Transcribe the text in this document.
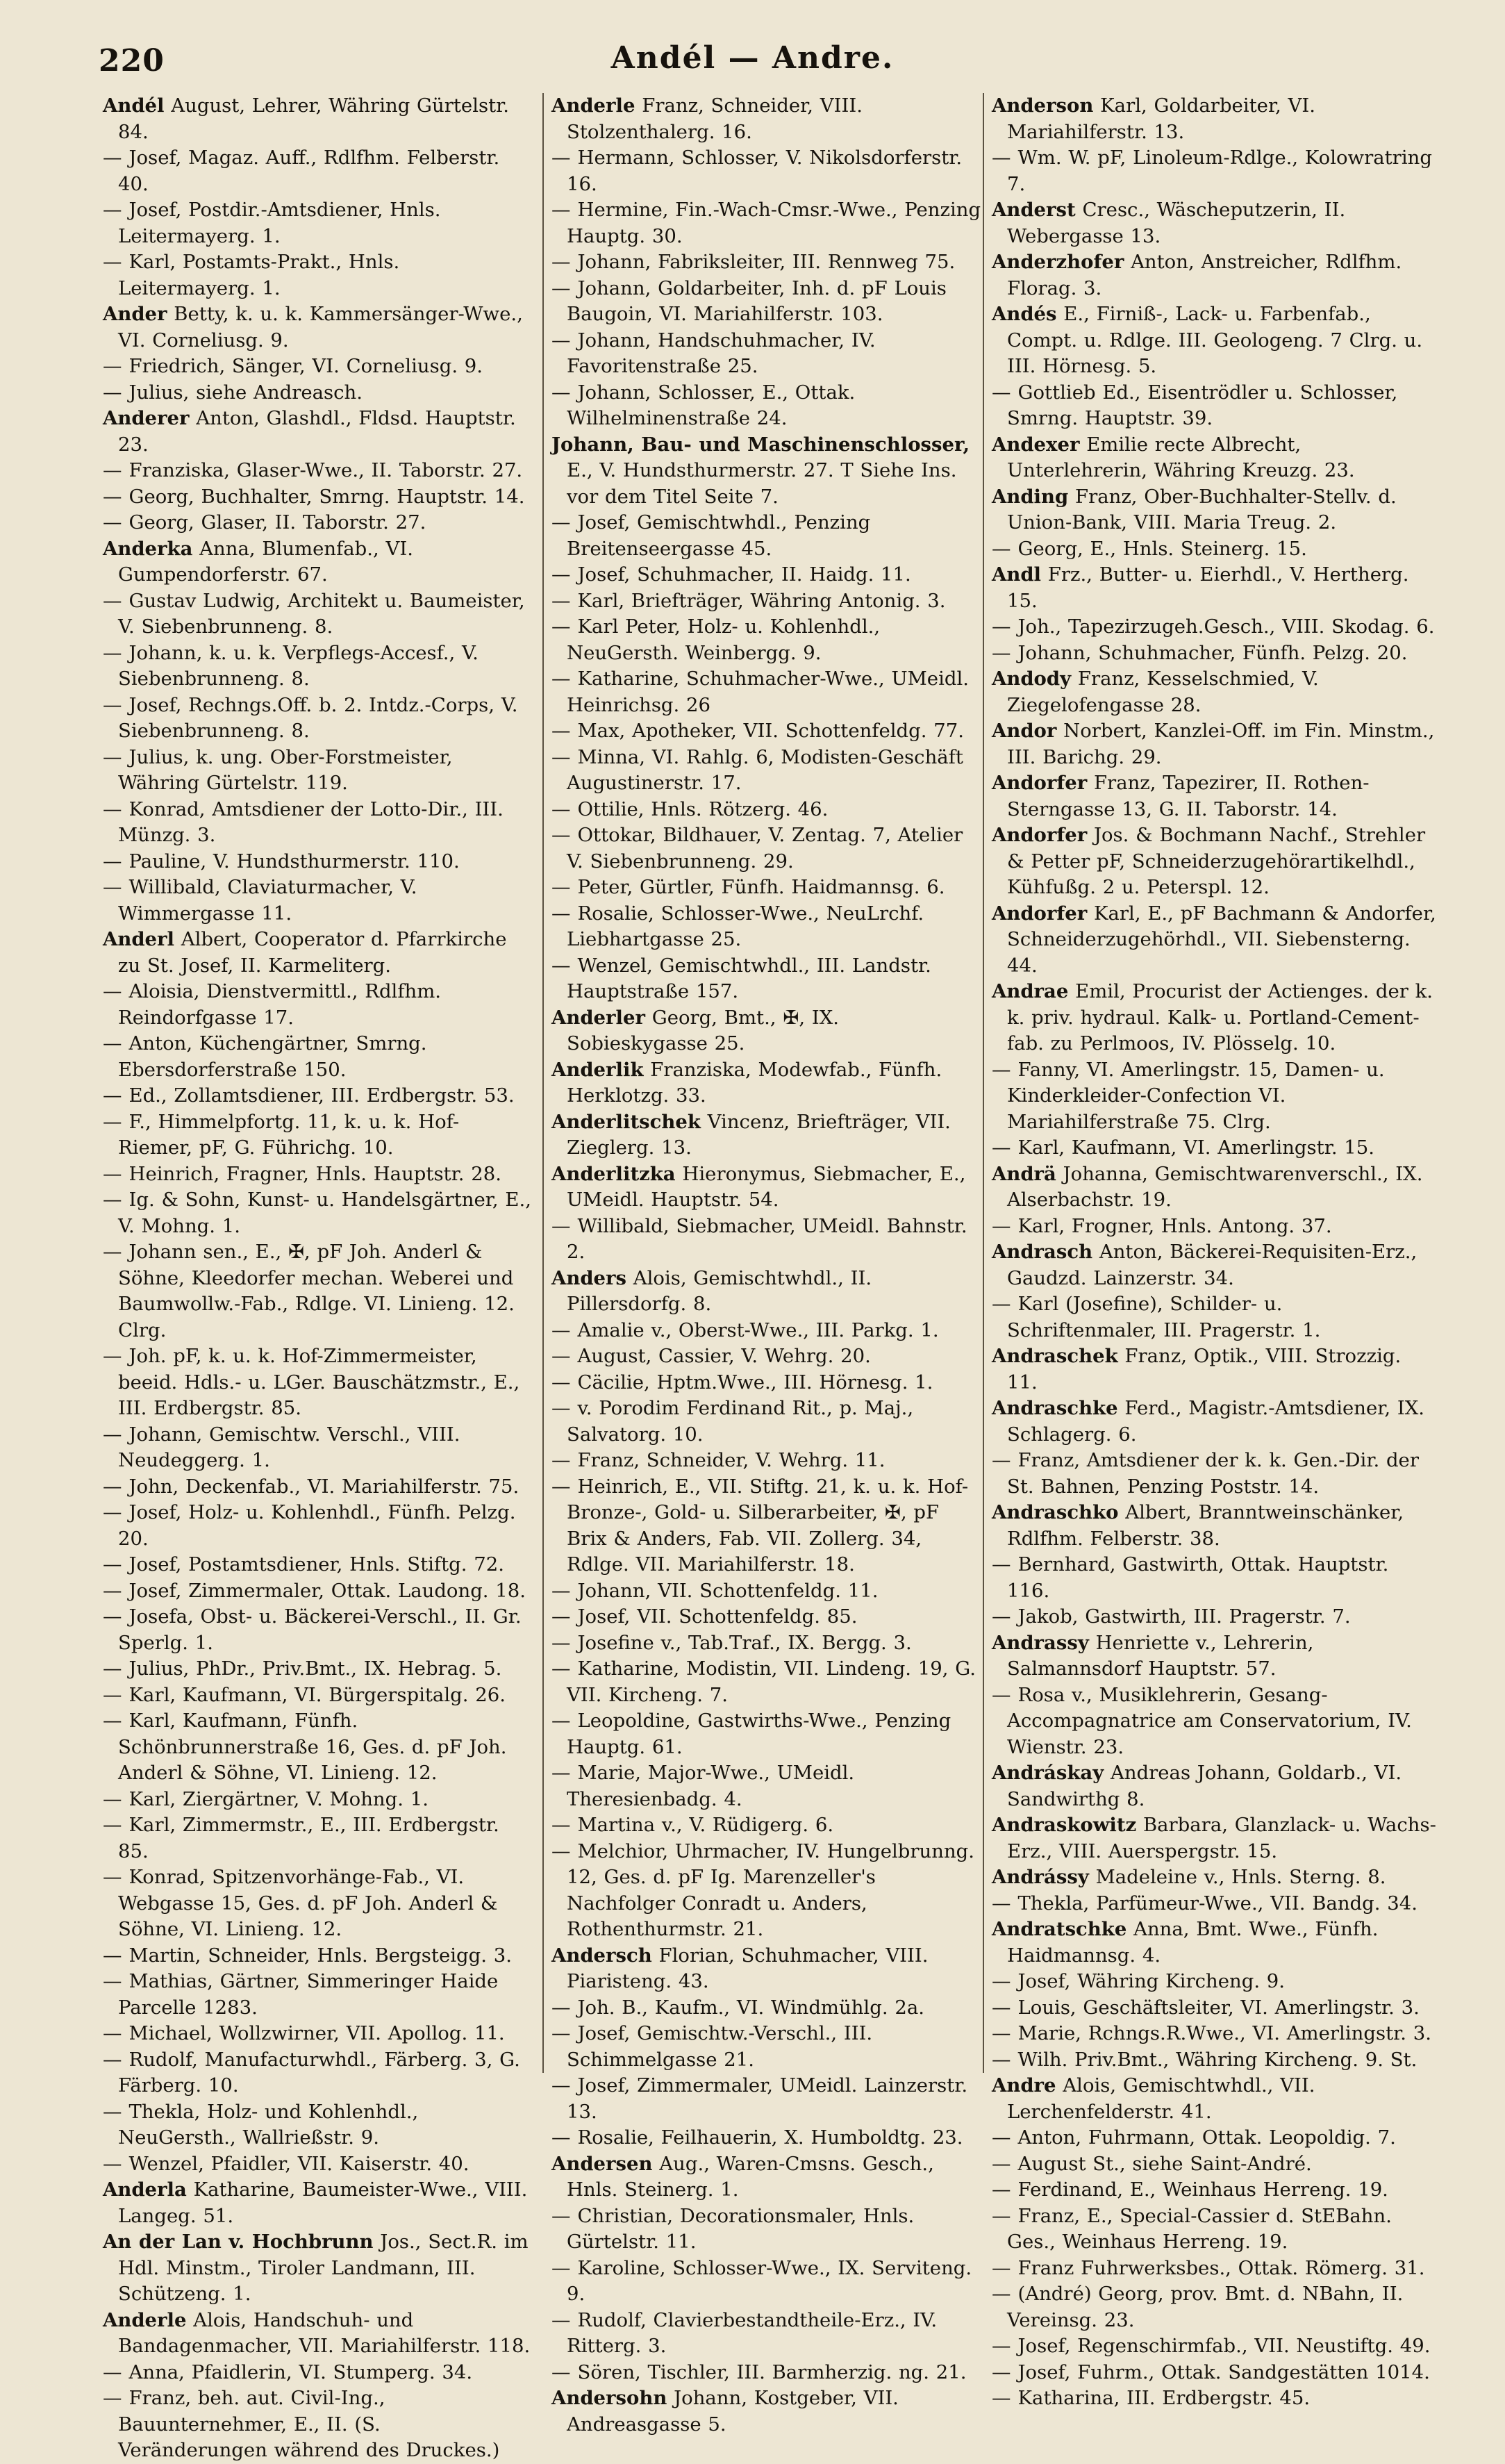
220	Andél — Andre.
Andél August, Lehrer, Währing Gürtelstr. 84.
— Josef, Magaz. Auff., Rdlfhm. Felberstr. 40.
— Josef, Postdir.-Amtsdiener, Hnls. Leitermayerg. 1.
— Karl, Postamts-Prakt., Hnls. Leitermayerg. 1.
Ander Betty, k. u. k. Kammersänger-Wwe., VI. Corneliusg. 9.
— Friedrich, Sänger, VI. Corneliusg. 9.
— Julius, siehe Andreasch.
Anderer Anton, Glashdl., Fldsd. Hauptstr. 23.
— Franziska, Glaser-Wwe., II. Taborstr. 27.
— Georg, Buchhalter, Smrng. Hauptstr. 14.
— Georg, Glaser, II. Taborstr. 27.
Anderka Anna, Blumenfab., VI. Gumpendorferstr. 67.
— Gustav Ludwig, Architekt u. Baumeister, V. Siebenbrunneng. 8.
— Johann, k. u. k. Verpflegs-Accesf., V. Siebenbrunneng. 8.
— Josef, Rechngs.Off. b. 2. Intdz.-Corps, V. Siebenbrunneng. 8.
— Julius, k. ung. Ober-Forstmeister, Währing Gürtelstr. 119.
— Konrad, Amtsdiener der Lotto-Dir., III. Münzg. 3.
— Pauline, V. Hundsthurmerstr. 110.
— Willibald, Claviaturmacher, V. Wimmergasse 11.
Anderl Albert, Cooperator d. Pfarrkirche zu St. Josef, II. Karmeliterg.
— Aloisia, Dienstvermittl., Rdlfhm. Reindorfgasse 17.
— Anton, Küchengärtner, Smrng. Ebersdorferstraße 150.
— Ed., Zollamtsdiener, III. Erdbergstr. 53.
— F., Himmelpfortg. 11, k. u. k. Hof-Riemer, pF, G. Führichg. 10.
— Heinrich, Fragner, Hnls. Hauptstr. 28.
— Ig. & Sohn, Kunst- u. Handelsgärtner, E., V. Mohng. 1.
— Johann sen., E., ✠, pF Joh. Anderl & Söhne, Kleedorfer mechan. Weberei und Baumwollw.-Fab., Rdlge. VI. Linieng. 12. Clrg.
— Joh. pF, k. u. k. Hof-Zimmermeister, beeid. Hdls.- u. LGer. Bauschätzmstr., E., III. Erdbergstr. 85.
— Johann, Gemischtw. Verschl., VIII. Neudeggerg. 1.
— John, Deckenfab., VI. Mariahilferstr. 75.
— Josef, Holz- u. Kohlenhdl., Fünfh. Pelzg. 20.
— Josef, Postamtsdiener, Hnls. Stiftg. 72.
— Josef, Zimmermaler, Ottak. Laudong. 18.
— Josefa, Obst- u. Bäckerei-Verschl., II. Gr. Sperlg. 1.
— Julius, PhDr., Priv.Bmt., IX. Hebrag. 5.
— Karl, Kaufmann, VI. Bürgerspitalg. 26.
— Karl, Kaufmann, Fünfh. Schönbrunnerstraße 16, Ges. d. pF Joh. Anderl & Söhne, VI. Linieng. 12.
— Karl, Ziergärtner, V. Mohng. 1.
— Karl, Zimmermstr., E., III. Erdbergstr. 85.
— Konrad, Spitzenvorhänge-Fab., VI. Webgasse 15, Ges. d. pF Joh. Anderl & Söhne, VI. Linieng. 12.
— Martin, Schneider, Hnls. Bergsteigg. 3.
— Mathias, Gärtner, Simmeringer Haide Parcelle 1283.
— Michael, Wollzwirner, VII. Apollog. 11.
— Rudolf, Manufacturwhdl., Färberg. 3, G. Färberg. 10.
— Thekla, Holz- und Kohlenhdl., NeuGersth., Wallrießstr. 9.
— Wenzel, Pfaidler, VII. Kaiserstr. 40.
Anderla Katharine, Baumeister-Wwe., VIII. Langeg. 51.
An der Lan v. Hochbrunn Jos., Sect.R. im Hdl. Minstm., Tiroler Landmann, III. Schützeng. 1.
Anderle Alois, Handschuh- und Bandagenmacher, VII. Mariahilferstr. 118.
— Anna, Pfaidlerin, VI. Stumperg. 34.
— Franz, beh. aut. Civil-Ing., Bauunternehmer, E., II. (S. Veränderungen während des Druckes.)
Anderle Franz, Schneider, VIII. Stolzenthalerg. 16.
— Hermann, Schlosser, V. Nikolsdorferstr. 16.
— Hermine, Fin.-Wach-Cmsr.-Wwe., Penzing Hauptg. 30.
— Johann, Fabriksleiter, III. Rennweg 75.
— Johann, Goldarbeiter, Inh. d. pF Louis Baugoin, VI. Mariahilferstr. 103.
— Johann, Handschuhmacher, IV. Favoritenstraße 25.
— Johann, Schlosser, E., Ottak. Wilhelminenstraße 24.
Johann, Bau- und Maschinenschlosser, E., V. Hundsthurmerstr. 27. T Siehe Ins. vor dem Titel Seite 7.
— Josef, Gemischtwhdl., Penzing Breitenseergasse 45.
— Josef, Schuhmacher, II. Haidg. 11.
— Karl, Briefträger, Währing Antonig. 3.
— Karl Peter, Holz- u. Kohlenhdl., NeuGersth. Weinbergg. 9.
— Katharine, Schuhmacher-Wwe., UMeidl. Heinrichsg. 26
— Max, Apotheker, VII. Schottenfeldg. 77.
— Minna, VI. Rahlg. 6, Modisten-Geschäft Augustinerstr. 17.
— Ottilie, Hnls. Rötzerg. 46.
— Ottokar, Bildhauer, V. Zentag. 7, Atelier V. Siebenbrunneng. 29.
— Peter, Gürtler, Fünfh. Haidmannsg. 6.
— Rosalie, Schlosser-Wwe., NeuLrchf. Liebhartgasse 25.
— Wenzel, Gemischtwhdl., III. Landstr. Hauptstraße 157.
Anderler Georg, Bmt., ✠, IX. Sobieskygasse 25.
Anderlik Franziska, Modewfab., Fünfh. Herklotzg. 33.
Anderlitschek Vincenz, Briefträger, VII. Zieglerg. 13.
Anderlitzka Hieronymus, Siebmacher, E., UMeidl. Hauptstr. 54.
— Willibald, Siebmacher, UMeidl. Bahnstr. 2.
Anders Alois, Gemischtwhdl., II. Pillersdorfg. 8.
— Amalie v., Oberst-Wwe., III. Parkg. 1.
— August, Cassier, V. Wehrg. 20.
— Cäcilie, Hptm.Wwe., III. Hörnesg. 1.
— v. Porodim Ferdinand Rit., p. Maj., Salvatorg. 10.
— Franz, Schneider, V. Wehrg. 11.
— Heinrich, E., VII. Stiftg. 21, k. u. k. Hof-Bronze-, Gold- u. Silberarbeiter, ✠, pF Brix & Anders, Fab. VII. Zollerg. 34, Rdlge. VII. Mariahilferstr. 18.
— Johann, VII. Schottenfeldg. 11.
— Josef, VII. Schottenfeldg. 85.
— Josefine v., Tab.Traf., IX. Bergg. 3.
— Katharine, Modistin, VII. Lindeng. 19, G. VII. Kircheng. 7.
— Leopoldine, Gastwirths-Wwe., Penzing Hauptg. 61.
— Marie, Major-Wwe., UMeidl. Theresienbadg. 4.
— Martina v., V. Rüdigerg. 6.
— Melchior, Uhrmacher, IV. Hungelbrunng. 12, Ges. d. pF Ig. Marenzeller's Nachfolger Conradt u. Anders, Rothenthurmstr. 21.
Andersch Florian, Schuhmacher, VIII. Piaristeng. 43.
— Joh. B., Kaufm., VI. Windmühlg. 2a.
— Josef, Gemischtw.-Verschl., III. Schimmelgasse 21.
— Josef, Zimmermaler, UMeidl. Lainzerstr. 13.
— Rosalie, Feilhauerin, X. Humboldtg. 23.
Andersen Aug., Waren-Cmsns. Gesch., Hnls. Steinerg. 1.
— Christian, Decorationsmaler, Hnls. Gürtelstr. 11.
— Karoline, Schlosser-Wwe., IX. Serviteng. 9.
— Rudolf, Clavierbestandtheile-Erz., IV. Ritterg. 3.
— Sören, Tischler, III. Barmherzig. ng. 21.
Andersohn Johann, Kostgeber, VII. Andreasgasse 5.
Anderson Karl, Goldarbeiter, VI. Mariahilferstr. 13.
— Wm. W. pF, Linoleum-Rdlge., Kolowratring 7.
Anderst Cresc., Wäscheputzerin, II. Webergasse 13.
Anderzhofer Anton, Anstreicher, Rdlfhm. Florag. 3.
Andés E., Firniß-, Lack- u. Farbenfab., Compt. u. Rdlge. III. Geologeng. 7 Clrg. u. III. Hörnesg. 5.
— Gottlieb Ed., Eisentrödler u. Schlosser, Smrng. Hauptstr. 39.
Andexer Emilie recte Albrecht, Unterlehrerin, Währing Kreuzg. 23.
Anding Franz, Ober-Buchhalter-Stellv. d. Union-Bank, VIII. Maria Treug. 2.
— Georg, E., Hnls. Steinerg. 15.
Andl Frz., Butter- u. Eierhdl., V. Hertherg. 15.
— Joh., Tapezirzugeh.Gesch., VIII. Skodag. 6.
— Johann, Schuhmacher, Fünfh. Pelzg. 20.
Andody Franz, Kesselschmied, V. Ziegelofengasse 28.
Andor Norbert, Kanzlei-Off. im Fin. Minstm., III. Barichg. 29.
Andorfer Franz, Tapezirer, II. Rothen-Sterngasse 13, G. II. Taborstr. 14.
Andorfer Jos. & Bochmann Nachf., Strehler & Petter pF, Schneiderzugehörartikelhdl., Kühfußg. 2 u. Peterspl. 12.
Andorfer Karl, E., pF Bachmann & Andorfer, Schneiderzugehörhdl., VII. Siebensterng. 44.
Andrae Emil, Procurist der Actienges. der k. k. priv. hydraul. Kalk- u. Portland-Cement-fab. zu Perlmoos, IV. Plösselg. 10.
— Fanny, VI. Amerlingstr. 15, Damen- u. Kinderkleider-Confection VI. Mariahilferstraße 75. Clrg.
— Karl, Kaufmann, VI. Amerlingstr. 15.
Andrä Johanna, Gemischtwarenverschl., IX. Alserbachstr. 19.
— Karl, Frogner, Hnls. Antong. 37.
Andrasch Anton, Bäckerei-Requisiten-Erz., Gaudzd. Lainzerstr. 34.
— Karl (Josefine), Schilder- u. Schriftenmaler, III. Pragerstr. 1.
Andraschek Franz, Optik., VIII. Strozzig. 11.
Andraschke Ferd., Magistr.-Amtsdiener, IX. Schlagerg. 6.
— Franz, Amtsdiener der k. k. Gen.-Dir. der St. Bahnen, Penzing Poststr. 14.
Andraschko Albert, Branntweinschänker, Rdlfhm. Felberstr. 38.
— Bernhard, Gastwirth, Ottak. Hauptstr. 116.
— Jakob, Gastwirth, III. Pragerstr. 7.
Andrassy Henriette v., Lehrerin, Salmannsdorf Hauptstr. 57.
— Rosa v., Musiklehrerin, Gesang-Accompagnatrice am Conservatorium, IV. Wienstr. 23.
Andráskay Andreas Johann, Goldarb., VI. Sandwirthg 8.
Andraskowitz Barbara, Glanzlack- u. Wachs-Erz., VIII. Auerspergstr. 15.
Andrássy Madeleine v., Hnls. Sterng. 8.
— Thekla, Parfümeur-Wwe., VII. Bandg. 34.
Andratschke Anna, Bmt. Wwe., Fünfh. Haidmannsg. 4.
— Josef, Währing Kircheng. 9.
— Louis, Geschäftsleiter, VI. Amerlingstr. 3.
— Marie, Rchngs.R.Wwe., VI. Amerlingstr. 3.
— Wilh. Priv.Bmt., Währing Kircheng. 9. St.
Andre Alois, Gemischtwhdl., VII. Lerchenfelderstr. 41.
— Anton, Fuhrmann, Ottak. Leopoldig. 7.
— August St., siehe Saint-André.
— Ferdinand, E., Weinhaus Herreng. 19.
— Franz, E., Special-Cassier d. StEBahn. Ges., Weinhaus Herreng. 19.
— Franz Fuhrwerksbes., Ottak. Römerg. 31.
— (André) Georg, prov. Bmt. d. NBahn, II. Vereinsg. 23.
— Josef, Regenschirmfab., VII. Neustiftg. 49.
— Josef, Fuhrm., Ottak. Sandgestätten 1014.
— Katharina, III. Erdbergstr. 45.
